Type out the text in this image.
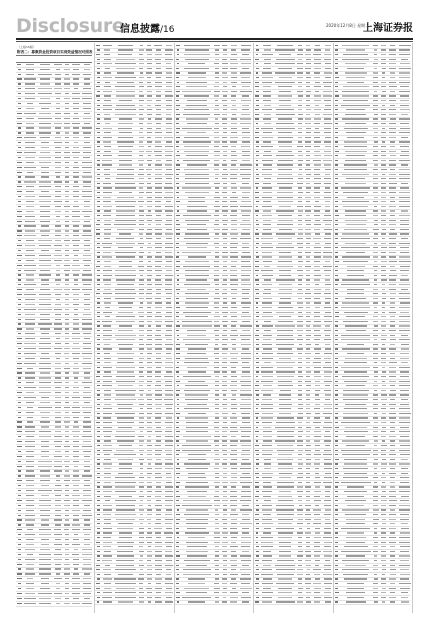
Disclosure
信息披露/16	2020年12月8日 星期二
上海证券报
（上接15版）
附表二：募集资金投资项目实现效益情况对照表
